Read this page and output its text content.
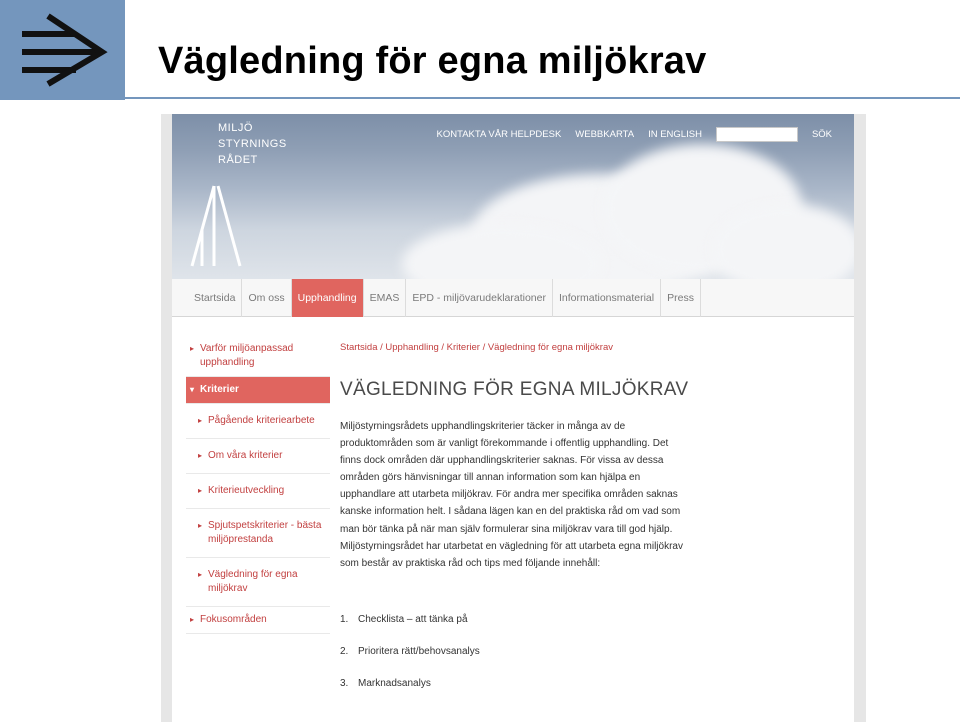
Vägledning för egna miljökrav
MILJÖ
STYRNINGS
RÅDET
KONTAKTA VÅR HELPDESK WEBBKARTA IN ENGLISH	SÖK
Startsida	Om oss	Upphandling	EMAS	EPD - miljövarudeklarationer	Informationsmaterial	Press
▸ Varför miljöanpassad upphandling
▾ Kriterier
▸ Pågående kriteriearbete
▸ Om våra kriterier
▸ Kriterieutveckling
▸ Spjutspetskriterier - bästa miljöprestanda
▸ Vägledning för egna miljökrav
▸ Fokusområden
Startsida / Upphandling / Kriterier / Vägledning för egna miljökrav
VÄGLEDNING FÖR EGNA MILJÖKRAV
Miljöstyrningsrådets upphandlingskriterier täcker in många av de produktområden som är vanligt förekommande i offentlig upphandling. Det finns dock områden där upphandlingskriterier saknas. För vissa av dessa områden görs hänvisningar till annan information som kan hjälpa en upphandlare att utarbeta miljökrav. För andra mer specifika områden saknas kanske information helt. I sådana lägen kan en del praktiska råd om vad som man bör tänka på när man själv formulerar sina miljökrav vara till god hjälp. Miljöstyrningsrådet har utarbetat en vägledning för att utarbeta egna miljökrav som består av praktiska råd och tips med följande innehåll:
1. Checklista – att tänka på
2. Prioritera rätt/behovsanalys
3. Marknadsanalys
